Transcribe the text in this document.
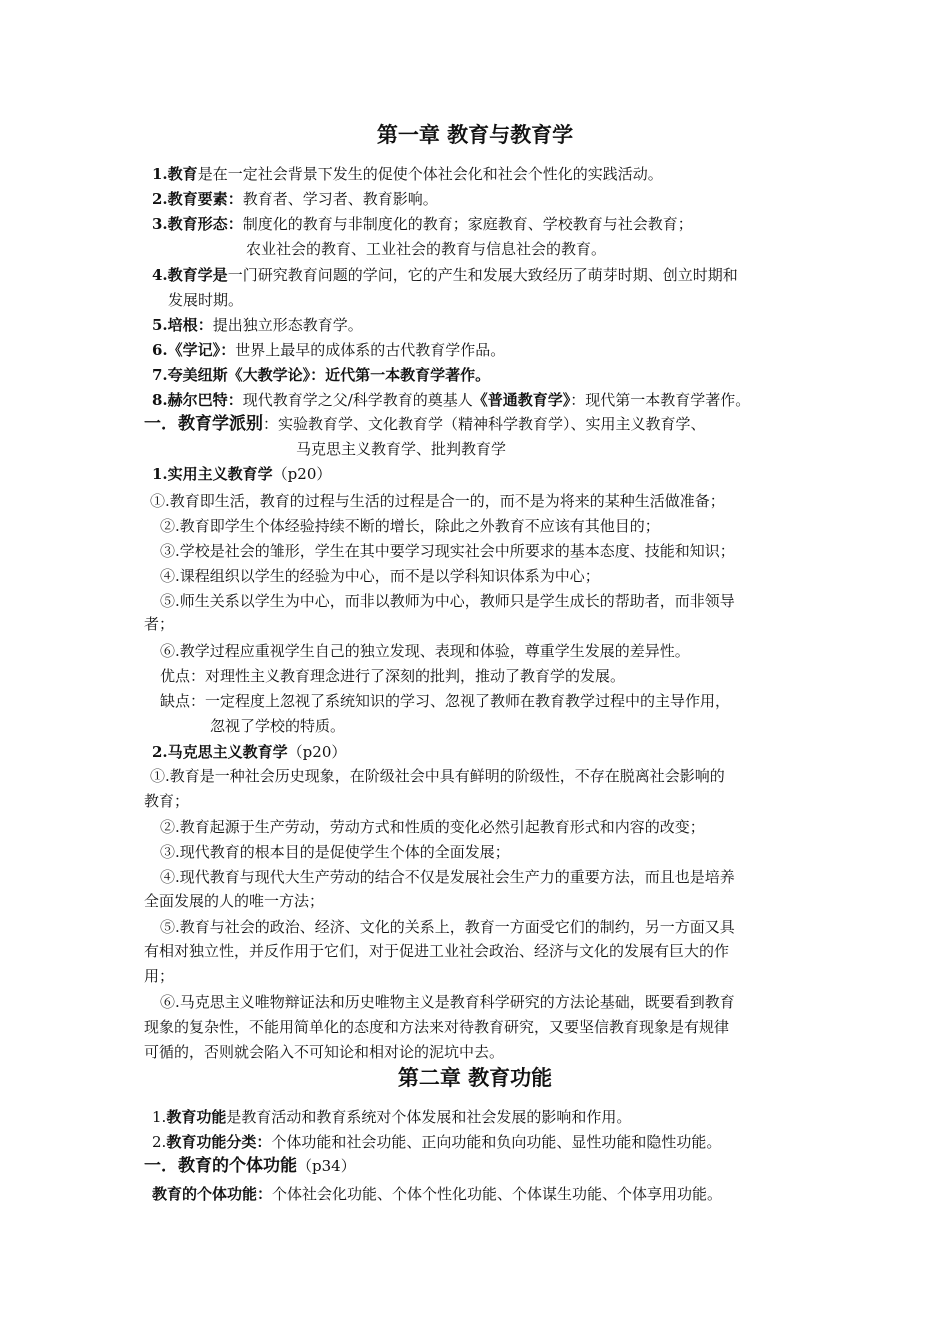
第一章 教育与教育学
1.教育是在一定社会背景下发生的促使个体社会化和社会个性化的实践活动。
2.教育要素：教育者、学习者、教育影响。
3.教育形态：制度化的教育与非制度化的教育；家庭教育、学校教育与社会教育；
农业社会的教育、工业社会的教育与信息社会的教育。
4.教育学是一门研究教育问题的学问，它的产生和发展大致经历了萌芽时期、创立时期和
发展时期。
5.培根：提出独立形态教育学。
6.《学记》：世界上最早的成体系的古代教育学作品。
7.夸美纽斯《大教学论》：近代第一本教育学著作。
8.赫尔巴特：现代教育学之父/科学教育的奠基人《普通教育学》：现代第一本教育学著作。
一．教育学派别：实验教育学、文化教育学（精神科学教育学）、实用主义教育学、
马克思主义教育学、批判教育学
1.实用主义教育学（p20）
①.教育即生活，教育的过程与生活的过程是合一的，而不是为将来的某种生活做准备；
②.教育即学生个体经验持续不断的增长，除此之外教育不应该有其他目的；
③.学校是社会的雏形，学生在其中要学习现实社会中所要求的基本态度、技能和知识；
④.课程组织以学生的经验为中心，而不是以学科知识体系为中心；
⑤.师生关系以学生为中心，而非以教师为中心，教师只是学生成长的帮助者，而非领导
者；
⑥.教学过程应重视学生自己的独立发现、表现和体验，尊重学生发展的差异性。
优点：对理性主义教育理念进行了深刻的批判，推动了教育学的发展。
缺点：一定程度上忽视了系统知识的学习、忽视了教师在教育教学过程中的主导作用，
忽视了学校的特质。
2.马克思主义教育学（p20）
①.教育是一种社会历史现象，在阶级社会中具有鲜明的阶级性，不存在脱离社会影响的
教育；
②.教育起源于生产劳动，劳动方式和性质的变化必然引起教育形式和内容的改变；
③.现代教育的根本目的是促使学生个体的全面发展；
④.现代教育与现代大生产劳动的结合不仅是发展社会生产力的重要方法，而且也是培养
全面发展的人的唯一方法；
⑤.教育与社会的政治、经济、文化的关系上，教育一方面受它们的制约，另一方面又具
有相对独立性，并反作用于它们，对于促进工业社会政治、经济与文化的发展有巨大的作
用；
⑥.马克思主义唯物辩证法和历史唯物主义是教育科学研究的方法论基础，既要看到教育
现象的复杂性，不能用简单化的态度和方法来对待教育研究，又要坚信教育现象是有规律
可循的，否则就会陷入不可知论和相对论的泥坑中去。
第二章 教育功能
1.教育功能是教育活动和教育系统对个体发展和社会发展的影响和作用。
2.教育功能分类：个体功能和社会功能、正向功能和负向功能、显性功能和隐性功能。
一．教育的个体功能（p34）
教育的个体功能：个体社会化功能、个体个性化功能、个体谋生功能、个体享用功能。
